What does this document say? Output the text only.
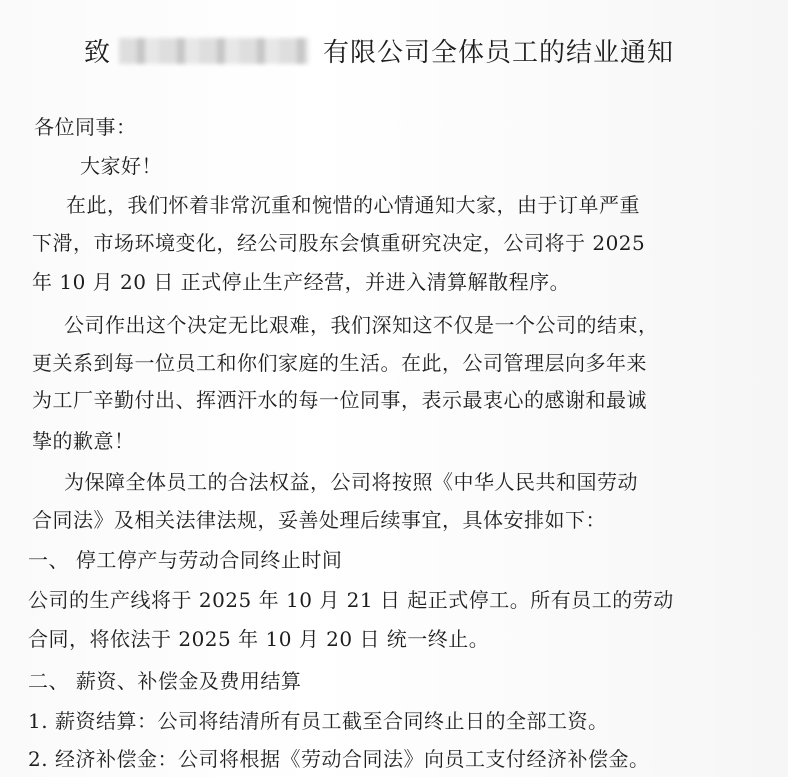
致	有限公司全体员工的结业通知
各位同事：
大家好！
在此，我们怀着非常沉重和惋惜的心情通知大家，由于订单严重
下滑，市场环境变化，经公司股东会慎重研究决定，公司将于 2025
年 10 月 20 日 正式停止生产经营，并进入清算解散程序。
公司作出这个决定无比艰难，我们深知这不仅是一个公司的结束，
更关系到每一位员工和你们家庭的生活。在此，公司管理层向多年来
为工厂辛勤付出、挥洒汗水的每一位同事，表示最衷心的感谢和最诚
挚的歉意！
为保障全体员工的合法权益，公司将按照《中华人民共和国劳动
合同法》及相关法律法规，妥善处理后续事宜，具体安排如下：
一、 停工停产与劳动合同终止时间
公司的生产线将于 2025 年 10 月 21 日 起正式停工。所有员工的劳动
合同，将依法于 2025 年 10 月 20 日 统一终止。
二、 薪资、补偿金及费用结算
1. 薪资结算：公司将结清所有员工截至合同终止日的全部工资。
2. 经济补偿金：公司将根据《劳动合同法》向员工支付经济补偿金。
